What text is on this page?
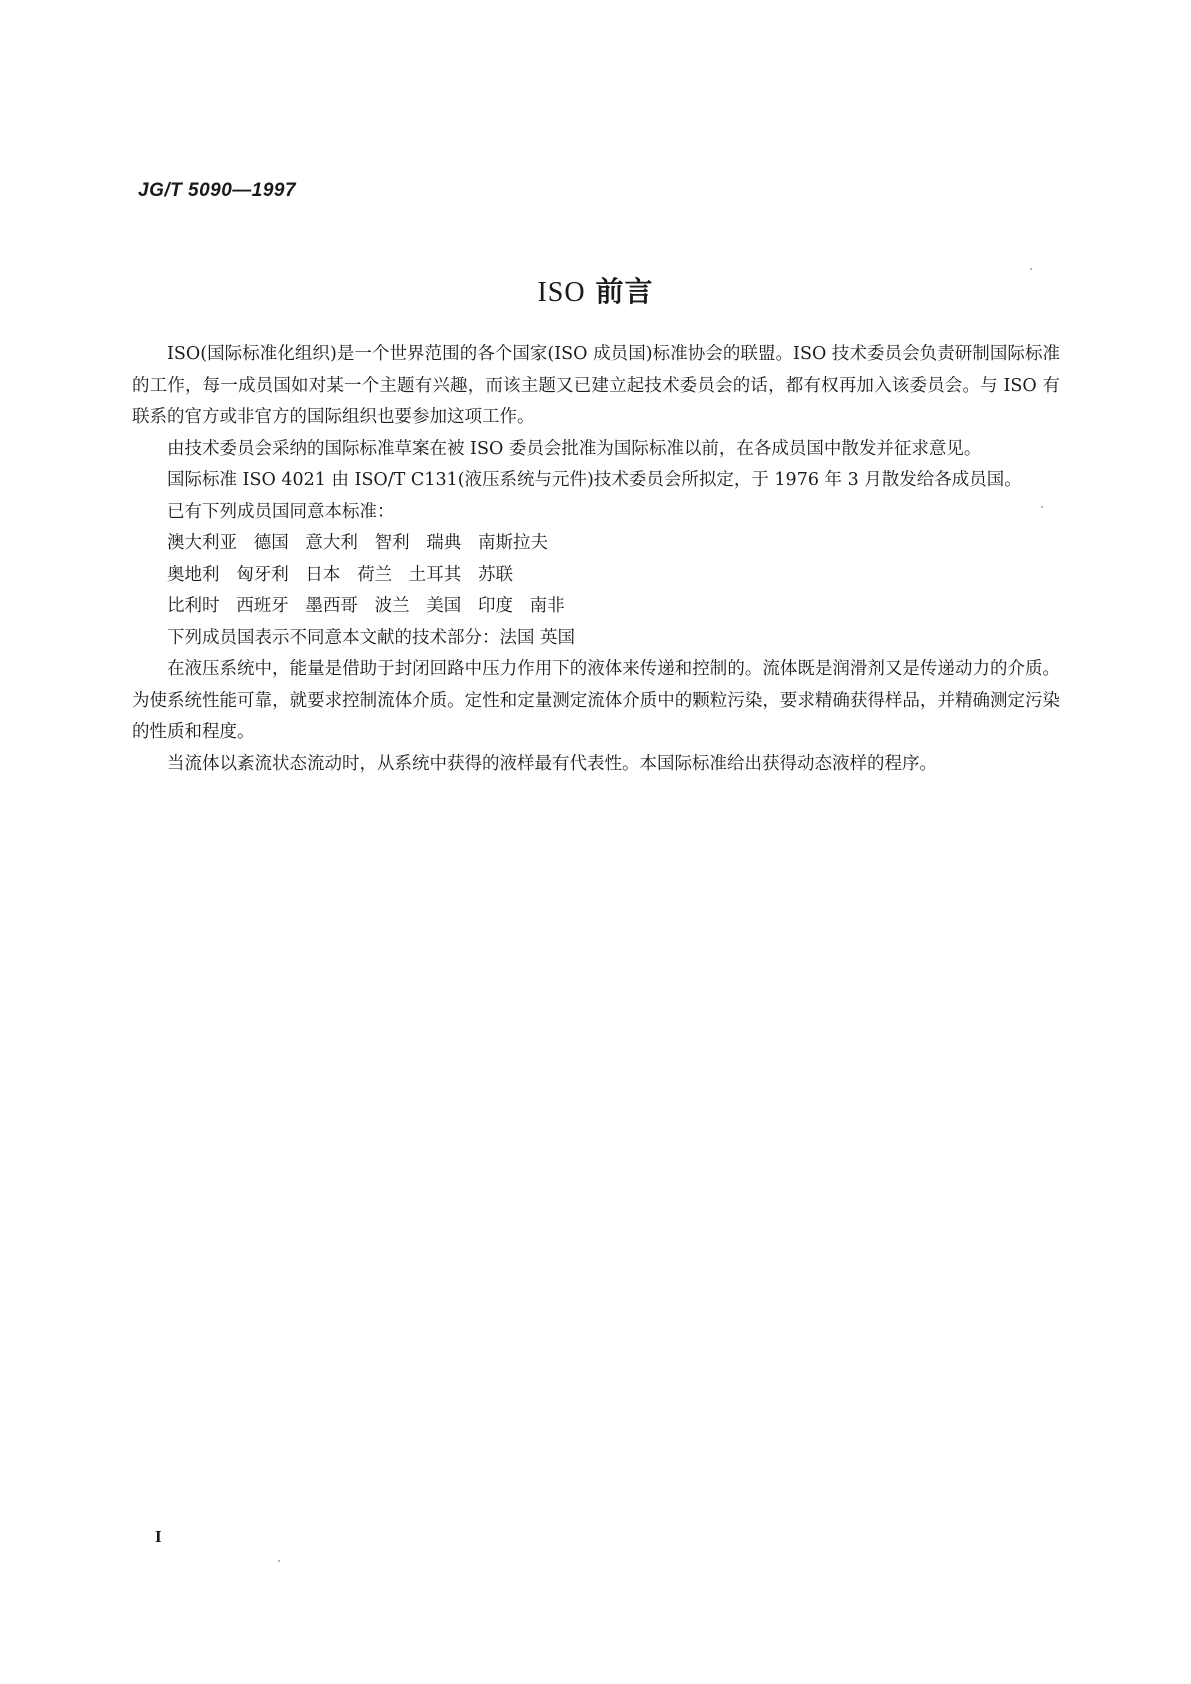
JG/T 5090—1997
ISO 前言

ISO(国际标准化组织)是一个世界范围的各个国家(ISO 成员国)标准协会的联盟。ISO 技术委员会负责研制国际标准的工作，每一成员国如对某一个主题有兴趣，而该主题又已建立起技术委员会的话，都有权再加入该委员会。与 ISO 有联系的官方或非官方的国际组织也要参加这项工作。

由技术委员会采纳的国际标准草案在被 ISO 委员会批准为国际标准以前，在各成员国中散发并征求意见。

国际标准 ISO 4021 由 ISO/T C131(液压系统与元件)技术委员会所拟定，于 1976 年 3 月散发给各成员国。

已有下列成员国同意本标准：

澳大利亚   德国   意大利   智利   瑞典   南斯拉夫
奥地利   匈牙利   日本   荷兰   土耳其   苏联
比利时   西班牙   墨西哥   波兰   美国   印度   南非

下列成员国表示不同意本文献的技术部分：法国 英国

在液压系统中，能量是借助于封闭回路中压力作用下的液体来传递和控制的。流体既是润滑剂又是传递动力的介质。为使系统性能可靠，就要求控制流体介质。定性和定量测定流体介质中的颗粒污染，要求精确获得样品，并精确测定污染的性质和程度。

当流体以紊流状态流动时，从系统中获得的液样最有代表性。本国际标准给出获得动态液样的程序。

I
